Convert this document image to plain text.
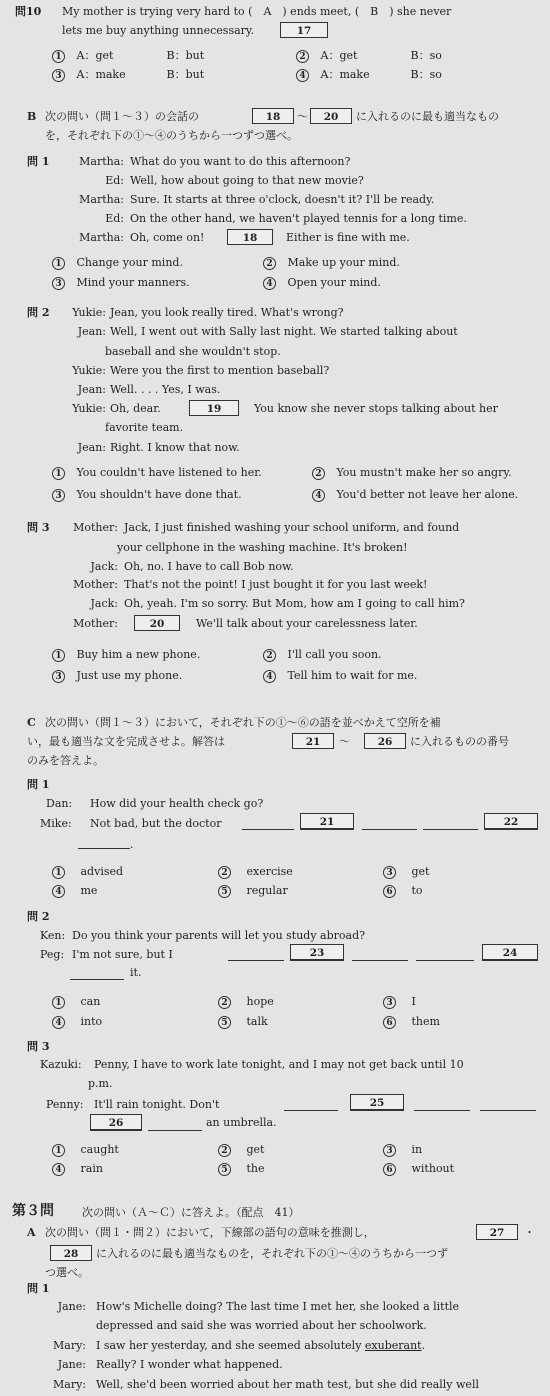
問10 My mother is trying very hard to (　A　) ends meet, (　B　) she never
lets me buy anything unnecessary.	17
1 A：get	B：but	2 A：get	B：so
3 A：make	B：but	4 A：make	B：so
B 次の問い（問１～３）の会話の	18	～	20	に入れるのに最も適当なもの
を，それぞれ下の①～④のうちから一つずつ選べ。
問 1	Martha: What do you want to do this afternoon?
Ed: Well, how about going to that new movie?
Martha: Sure. It starts at three o'clock, doesn't it? I'll be ready.
Ed: On the other hand, we haven't played tennis for a long time.
Martha: Oh, come on!	18	Either is fine with me.
1 Change your mind.	2 Make up your mind.
3 Mind your manners.	4 Open your mind.
問 2	Yukie: Jean, you look really tired. What's wrong?
Jean: Well, I went out with Sally last night. We started talking about
baseball and she wouldn't stop.
Yukie: Were you the first to mention baseball?
Jean: Well. . . . Yes, I was.
Yukie: Oh, dear.	19	You know she never stops talking about her
favorite team.
Jean: Right. I know that now.
1 You couldn't have listened to her.	2 You mustn't make her so angry.
3 You shouldn't have done that.	4 You'd better not leave her alone.
問 3	Mother: Jack, I just finished washing your school uniform, and found
your cellphone in the washing machine. It's broken!
Jack: Oh, no. I have to call Bob now.
Mother: That's not the point! I just bought it for you last week!
Jack: Oh, yeah. I'm so sorry. But Mom, how am I going to call him?
Mother:	20	We'll talk about your carelessness later.
1 Buy him a new phone.	2 I'll call you soon.
3 Just use my phone.	4 Tell him to wait for me.
C 次の問い（問１～３）において，それぞれ下の①～⑥の語を並べかえて空所を補
い，最も適当な文を完成させよ。解答は	21	～	26	に入れるものの番号
のみを答えよ。
問 1
Dan: How did your health check go?
Mike: Not bad, but the doctor	21	22
.
1 advised	2 exercise	3 get
4 me	5 regular	6 to
問 2
Ken: Do you think your parents will let you study abroad?
Peg: I'm not sure, but I	23	24
it.
1 can	2 hope	3 I
4 into	5 talk	6 them
問 3
Kazuki: Penny, I have to work late tonight, and I may not get back until 10
p.m.
Penny: It'll rain tonight. Don't	25
26	an umbrella.
1 caught	2 get	3 in
4 rain	5 the	6 without
第３問	次の問い（Ａ～Ｃ）に答えよ。（配点　41）
A 次の問い（問１・問２）において，下線部の語句の意味を推測し，	27	・
28	に入れるのに最も適当なものを，それぞれ下の①～④のうちから一つず
つ選べ。
問 1
Jane: How's Michelle doing? The last time I met her, she looked a little
depressed and said she was worried about her schoolwork.
Mary: I saw her yesterday, and she seemed absolutely exuberant.
Jane: Really? I wonder what happened.
Mary: Well, she'd been worried about her math test, but she did really well
